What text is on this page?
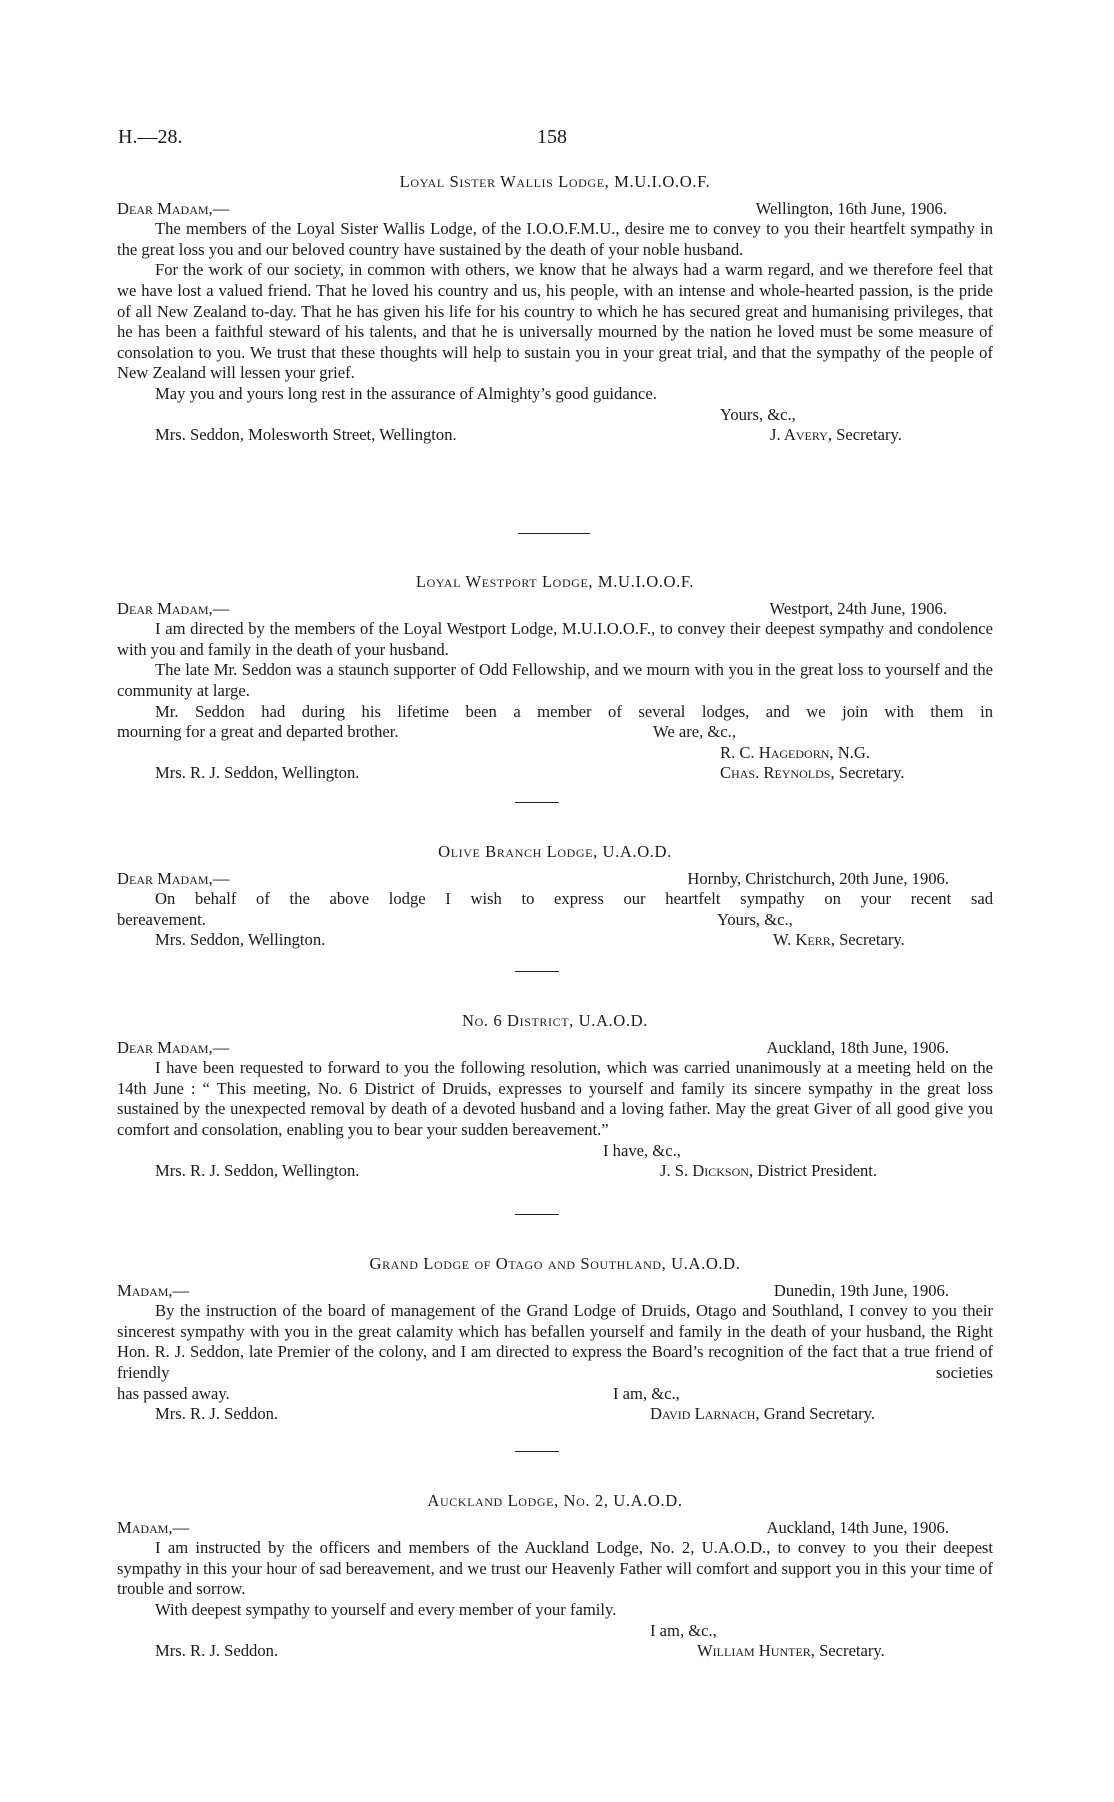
H.—28.	158
Loyal Sister Wallis Lodge, M.U.I.O.O.F.
Dear Madam,—	Wellington, 16th June, 1906.

The members of the Loyal Sister Wallis Lodge, of the I.O.O.F.M.U., desire me to convey to you their heartfelt sympathy in the great loss you and our beloved country have sustained by the death of your noble husband.

For the work of our society, in common with others, we know that he always had a warm regard, and we therefore feel that we have lost a valued friend. That he loved his country and us, his people, with an intense and whole-hearted passion, is the pride of all New Zealand to-day. That he has given his life for his country to which he has secured great and humanising privileges, that he has been a faithful steward of his talents, and that he is universally mourned by the nation he loved must be some measure of consolation to you. We trust that these thoughts will help to sustain you in your great trial, and that the sympathy of the people of New Zealand will lessen your grief.

May you and yours long rest in the assurance of Almighty’s good guidance.

Yours, &c.,
Mrs. Seddon, Molesworth Street, Wellington.	J. Avery, Secretary.
Loyal Westport Lodge, M.U.I.O.O.F.
Dear Madam,—	Westport, 24th June, 1906.

I am directed by the members of the Loyal Westport Lodge, M.U.I.O.O.F., to convey their deepest sympathy and condolence with you and family in the death of your husband.

The late Mr. Seddon was a staunch supporter of Odd Fellowship, and we mourn with you in the great loss to yourself and the community at large.

Mr. Seddon had during his lifetime been a member of several lodges, and we join with them in

mourning for a great and departed brother.	We are, &c.,
R. C. Hagedorn, N.G.
Mrs. R. J. Seddon, Wellington.	Chas. Reynolds, Secretary.
Olive Branch Lodge, U.A.O.D.
Dear Madam,—	Hornby, Christchurch, 20th June, 1906.

On behalf of the above lodge I wish to express our heartfelt sympathy on your recent sad

bereavement.	Yours, &c.,
Mrs. Seddon, Wellington.	W. Kerr, Secretary.
No. 6 District, U.A.O.D.
Dear Madam,—	Auckland, 18th June, 1906.

I have been requested to forward to you the following resolution, which was carried unanimously at a meeting held on the 14th June : “ This meeting, No. 6 District of Druids, expresses to yourself and family its sincere sympathy in the great loss sustained by the unexpected removal by death of a devoted husband and a loving father. May the great Giver of all good give you comfort and consolation, enabling you to bear your sudden bereavement.”

I have, &c.,
Mrs. R. J. Seddon, Wellington.	J. S. Dickson, District President.
Grand Lodge of Otago and Southland, U.A.O.D.
Madam,—	Dunedin, 19th June, 1906.

By the instruction of the board of management of the Grand Lodge of Druids, Otago and Southland, I convey to you their sincerest sympathy with you in the great calamity which has befallen yourself and family in the death of your husband, the Right Hon. R. J. Seddon, late Premier of the colony, and I am directed to express the Board’s recognition of the fact that a true friend of friendly societies

has passed away.	I am, &c.,
Mrs. R. J. Seddon.	David Larnach, Grand Secretary.
Auckland Lodge, No. 2, U.A.O.D.
Madam,—	Auckland, 14th June, 1906.

I am instructed by the officers and members of the Auckland Lodge, No. 2, U.A.O.D., to convey to you their deepest sympathy in this your hour of sad bereavement, and we trust our Heavenly Father will comfort and support you in this your time of trouble and sorrow.

With deepest sympathy to yourself and every member of your family.

I am, &c.,
Mrs. R. J. Seddon.	William Hunter, Secretary.
